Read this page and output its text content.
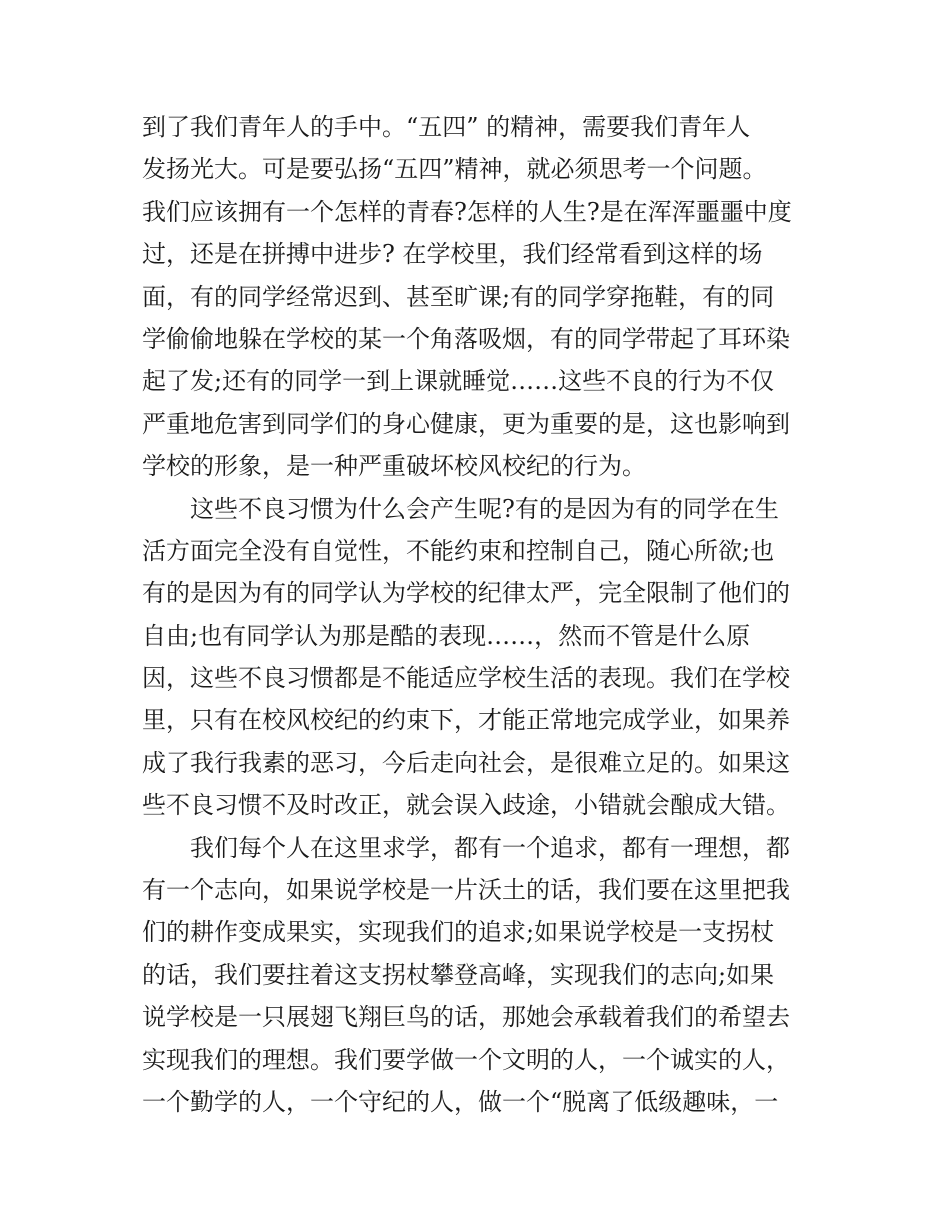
到了我们青年人的手中。“五四” 的精神，需要我们青年人
发扬光大。可是要弘扬“五四”精神，就必须思考一个问题。
我们应该拥有一个怎样的青春?怎样的人生?是在浑浑噩噩中度
过，还是在拼搏中进步? 在学校里，我们经常看到这样的场
面，有的同学经常迟到、甚至旷课;有的同学穿拖鞋，有的同
学偷偷地躲在学校的某一个角落吸烟，有的同学带起了耳环染
起了发;还有的同学一到上课就睡觉……这些不良的行为不仅
严重地危害到同学们的身心健康，更为重要的是，这也影响到
学校的形象，是一种严重破坏校风校纪的行为。
这些不良习惯为什么会产生呢?有的是因为有的同学在生
活方面完全没有自觉性，不能约束和控制自己，随心所欲;也
有的是因为有的同学认为学校的纪律太严，完全限制了他们的
自由;也有同学认为那是酷的表现……，然而不管是什么原
因，这些不良习惯都是不能适应学校生活的表现。我们在学校
里，只有在校风校纪的约束下，才能正常地完成学业，如果养
成了我行我素的恶习，今后走向社会，是很难立足的。如果这
些不良习惯不及时改正，就会误入歧途，小错就会酿成大错。
我们每个人在这里求学，都有一个追求，都有一理想，都
有一个志向，如果说学校是一片沃土的话，我们要在这里把我
们的耕作变成果实，实现我们的追求;如果说学校是一支拐杖
的话，我们要拄着这支拐杖攀登高峰，实现我们的志向;如果
说学校是一只展翅飞翔巨鸟的话，那她会承载着我们的希望去
实现我们的理想。我们要学做一个文明的人，一个诚实的人，
一个勤学的人，一个守纪的人，做一个“脱离了低级趣味，一
